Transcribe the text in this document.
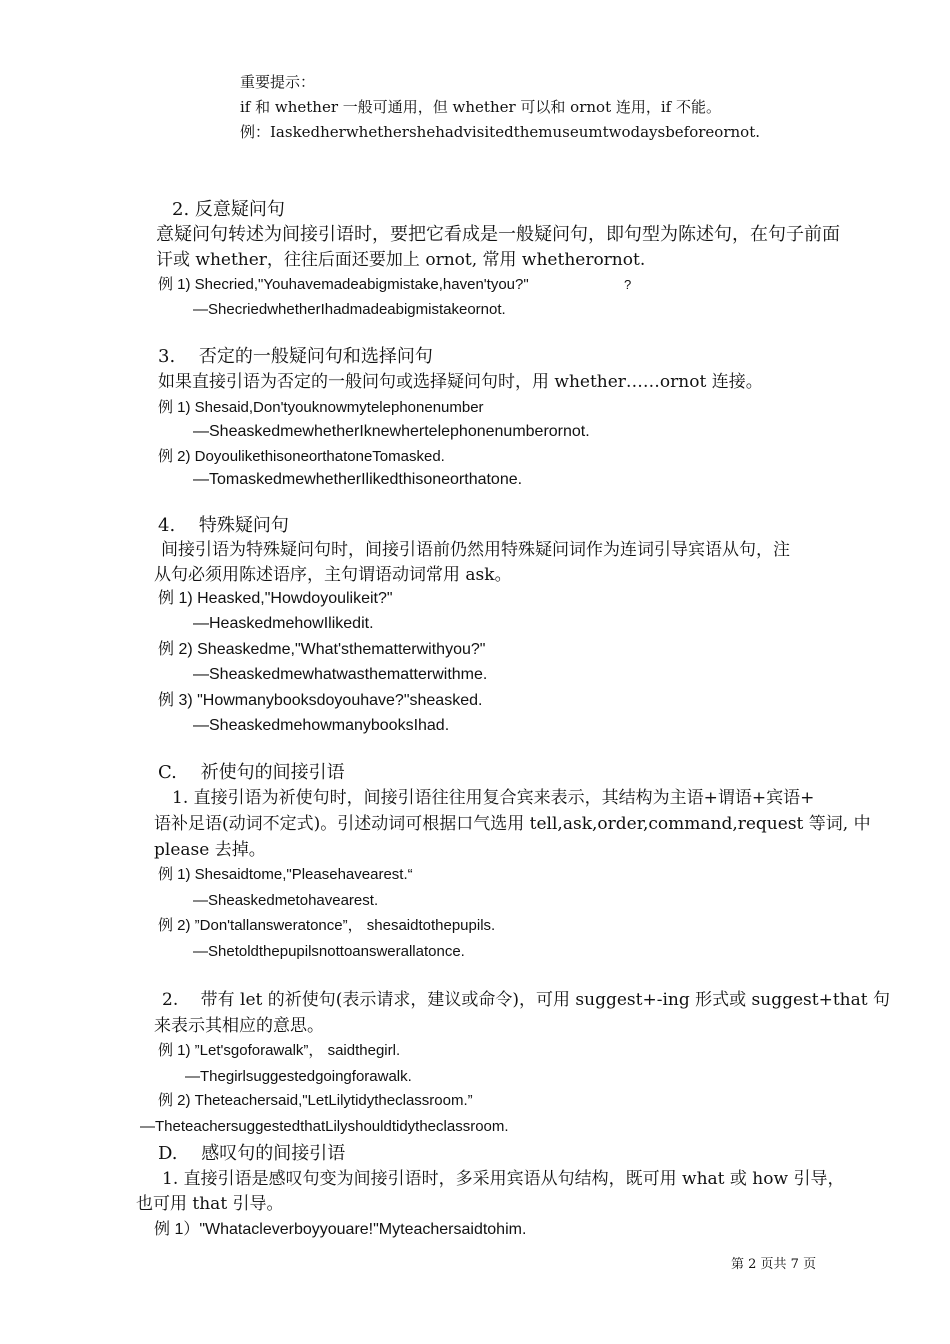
重要提示：
if 和 whether 一般可通用，但 whether 可以和 ornot 连用，if 不能。
例：Iaskedherwhethershehadvisitedthemuseumtwodaysbeforeornot.
2. 反意疑问句
意疑问句转述为间接引语时，要把它看成是一般疑问句，即句型为陈述句，在句子前面
讦或 whether，往往后面还要加上 ornot, 常用 whetherornot.
例 1) Shecried,"Youhavemadeabigmistake,haven'tyou?"	?
—ShecriedwhetherIhadmadeabigmistakeornot.
3.　 否定的一般疑问句和选择问句
如果直接引语为否定的一般问句或选择疑问句时，用 whether……ornot 连接。
例 1) Shesaid,Don'tyouknowmytelephonenumber
—SheaskedmewhetherIknewhertelephonenumberornot.
例 2) DoyoulikethisoneorthatoneTomasked.
—TomaskedmewhetherIlikedthisoneorthatone.
4.　 特殊疑问句
间接引语为特殊疑问句时，间接引语前仍然用特殊疑问词作为连词引导宾语从句，注
从句必须用陈述语序，主句谓语动词常用 ask。
例 1) Heasked,"Howdoyoulikeit?"
—HeaskedmehowIlikedit.
例 2) Sheaskedme,"What'sthematterwithyou?"
—Sheaskedmewhatwasthematterwithme.
例 3) "Howmanybooksdoyouhave?"sheasked.
—SheaskedmehowmanybooksIhad.
C.　 祈使句的间接引语
1. 直接引语为祈使句时，间接引语往往用复合宾来表示，其结构为主语+谓语+宾语+
语补足语(动词不定式)。引述动词可根据口气选用 tell,ask,order,command,request 等词, 中
please 去掉。
例 1) Shesaidtome,"Pleasehavearest.“
—Sheaskedmetohavearest.
例 2) ”Don'tallansweratonce”， shesaidtothepupils.
—Shetoldthepupilsnottoanswerallatonce.
2.　 带有 let 的祈使句(表示请求，建议或命令)，可用 suggest+-ing 形式或 suggest+that 句
来表示其相应的意思。
例 1) ”Let'sgoforawalk”， saidthegirl.
—Thegirlsuggestedgoingforawalk.
例 2) Theteachersaid,"LetLilytidytheclassroom.”
—TheteachersuggestedthatLilyshouldtidytheclassroom.
D.　 感叹句的间接引语
1. 直接引语是感叹句变为间接引语时，多采用宾语从句结构，既可用 what 或 how 引导，
也可用 that 引导。
例 1）"Whatacleverboyyouare!"Myteachersaidtohim.
第 2 页共 7 页
